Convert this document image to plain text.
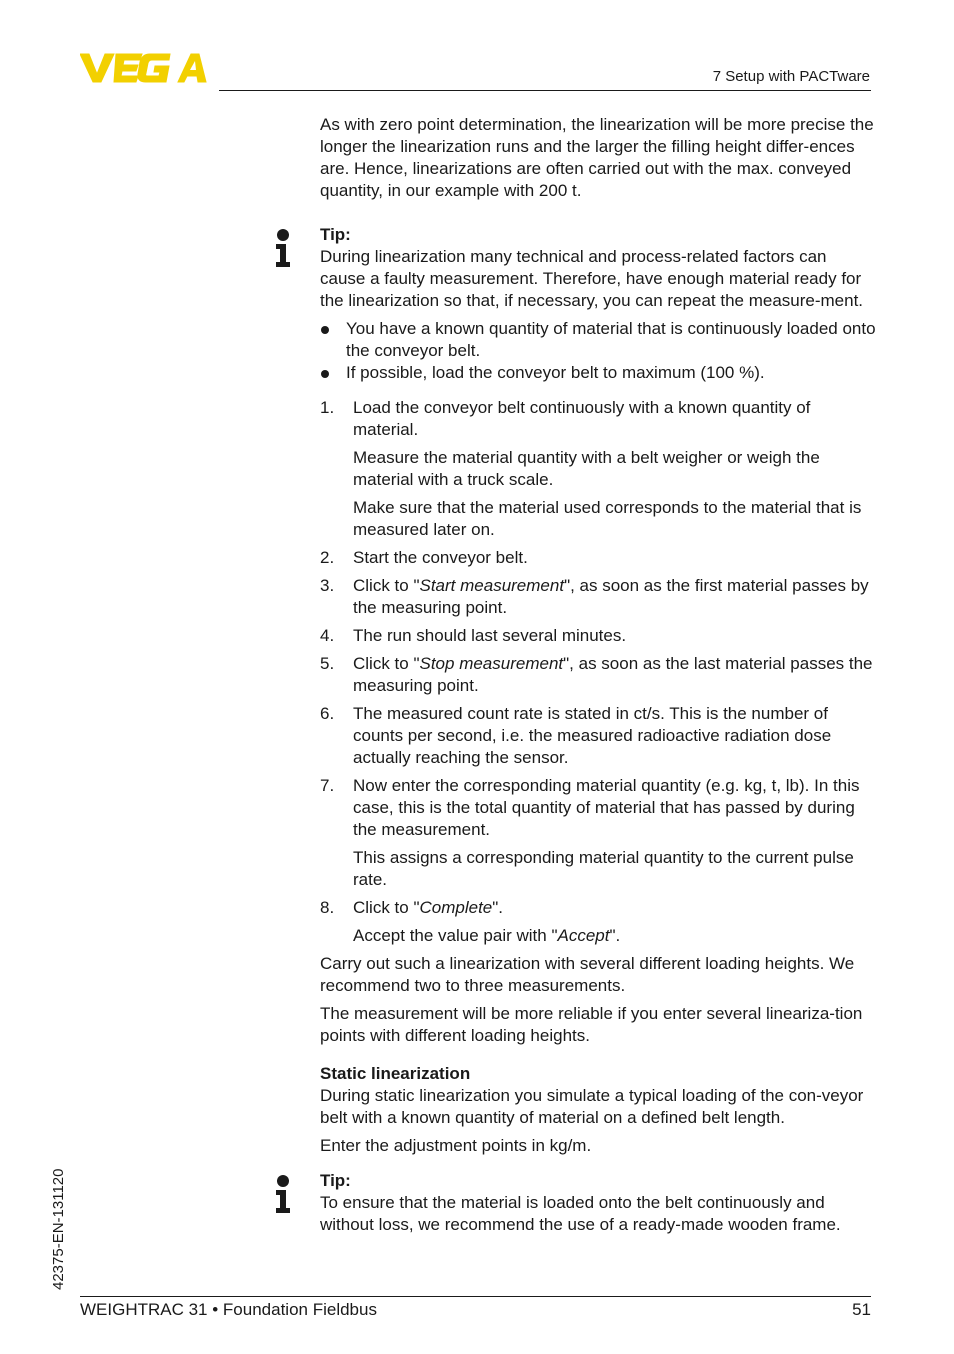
7 Setup with PACTware

As with zero point determination, the linearization will be more precise the longer the linearization runs and the larger the filling height differ-ences are. Hence, linearizations are often carried out with the max. conveyed quantity, in our example with 200 t.

Tip:

During linearization many technical and process-related factors can cause a faulty measurement. Therefore, have enough material ready for the linearization so that, if necessary, you can repeat the measure-ment.

You have a known quantity of material that is continuously loaded onto the conveyor belt.
If possible, load the conveyor belt to maximum (100 %).
1. Load the conveyor belt continuously with a known quantity of material.

Measure the material quantity with a belt weigher or weigh the material with a truck scale.

Make sure that the material used corresponds to the material that is measured later on.

2. Start the conveyor belt.

3. Click to "Start measurement", as soon as the first material passes by the measuring point.

4. The run should last several minutes.

5. Click to "Stop measurement", as soon as the last material passes the measuring point.

6. The measured count rate is stated in ct/s. This is the number of counts per second, i.e. the measured radioactive radiation dose actually reaching the sensor.

7. Now enter the corresponding material quantity (e.g. kg, t, lb). In this case, this is the total quantity of material that has passed by during the measurement.

This assigns a corresponding material quantity to the current pulse rate.

8. Click to "Complete".

Accept the value pair with "Accept".

Carry out such a linearization with several different loading heights. We recommend two to three measurements.

The measurement will be more reliable if you enter several lineariza-tion points with different loading heights.

Static linearization

During static linearization you simulate a typical loading of the con-veyor belt with a known quantity of material on a defined belt length.

Enter the adjustment points in kg/m.

Tip:

To ensure that the material is loaded onto the belt continuously and without loss, we recommend the use of a ready-made wooden frame.

42375-EN-131120
WEIGHTRAC 31 • Foundation Fieldbus	51
